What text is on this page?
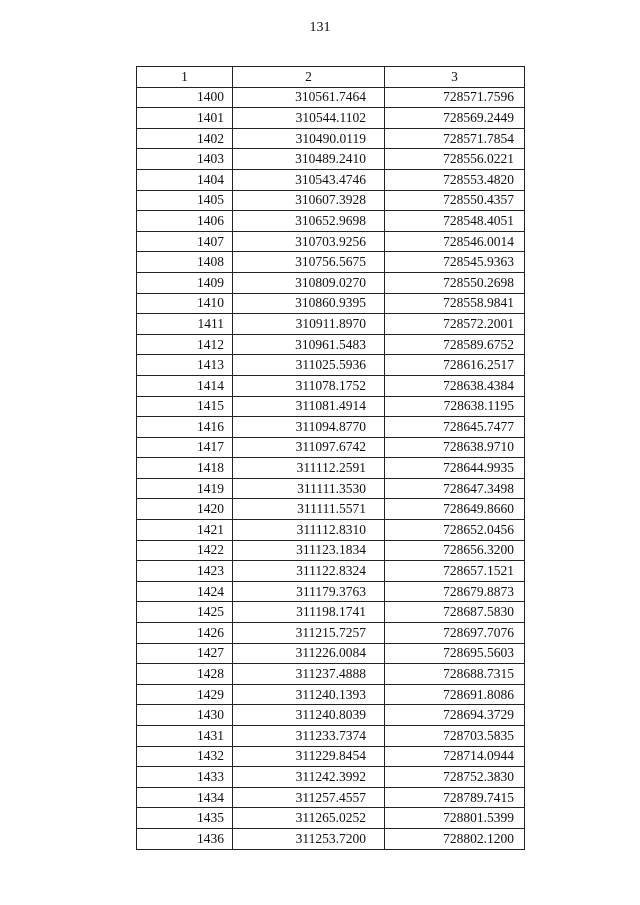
131
1	2	3
1400	310561.7464	728571.7596
1401	310544.1102	728569.2449
1402	310490.0119	728571.7854
1403	310489.2410	728556.0221
1404	310543.4746	728553.4820
1405	310607.3928	728550.4357
1406	310652.9698	728548.4051
1407	310703.9256	728546.0014
1408	310756.5675	728545.9363
1409	310809.0270	728550.2698
1410	310860.9395	728558.9841
1411	310911.8970	728572.2001
1412	310961.5483	728589.6752
1413	311025.5936	728616.2517
1414	311078.1752	728638.4384
1415	311081.4914	728638.1195
1416	311094.8770	728645.7477
1417	311097.6742	728638.9710
1418	311112.2591	728644.9935
1419	311111.3530	728647.3498
1420	311111.5571	728649.8660
1421	311112.8310	728652.0456
1422	311123.1834	728656.3200
1423	311122.8324	728657.1521
1424	311179.3763	728679.8873
1425	311198.1741	728687.5830
1426	311215.7257	728697.7076
1427	311226.0084	728695.5603
1428	311237.4888	728688.7315
1429	311240.1393	728691.8086
1430	311240.8039	728694.3729
1431	311233.7374	728703.5835
1432	311229.8454	728714.0944
1433	311242.3992	728752.3830
1434	311257.4557	728789.7415
1435	311265.0252	728801.5399
1436	311253.7200	728802.1200
